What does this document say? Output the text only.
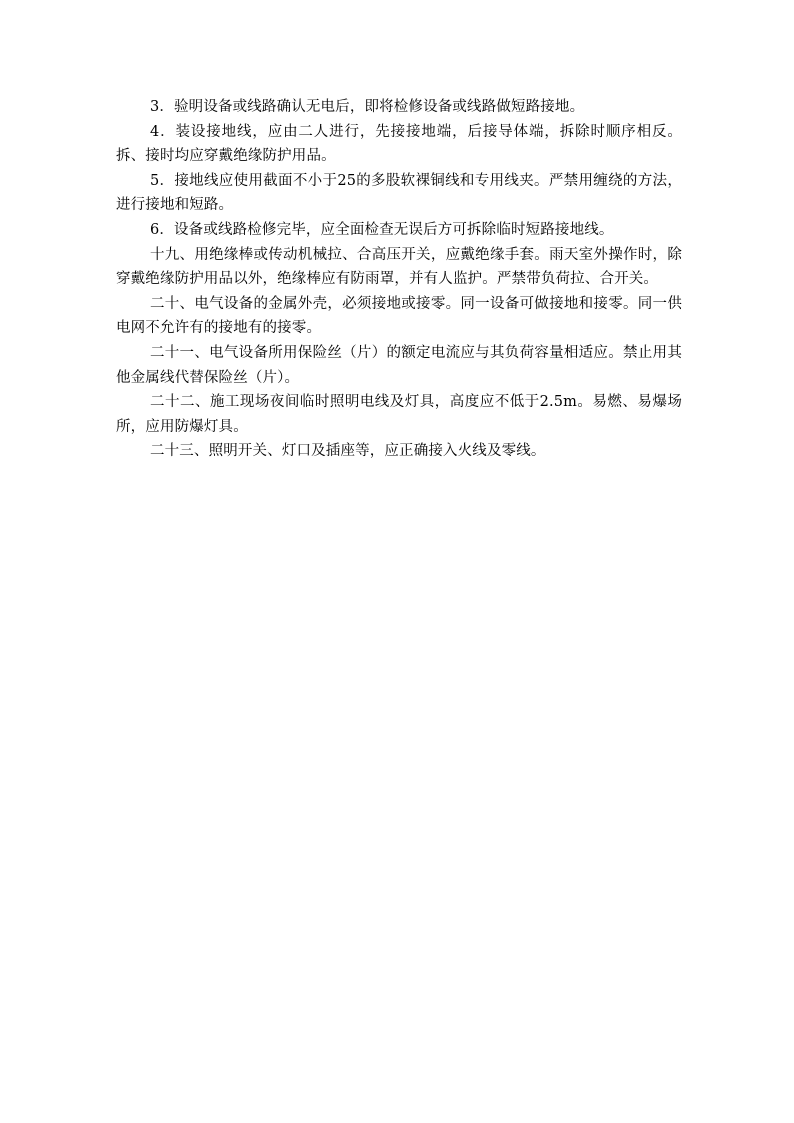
3．验明设备或线路确认无电后，即将检修设备或线路做短路接地。

4．装设接地线，应由二人进行，先接接地端，后接导体端，拆除时顺序相反。拆、接时均应穿戴绝缘防护用品。

5．接地线应使用截面不小于25的多股软裸铜线和专用线夹。严禁用缠绕的方法，进行接地和短路。

6．设备或线路检修完毕，应全面检查无误后方可拆除临时短路接地线。

十九、用绝缘棒或传动机械拉、合高压开关，应戴绝缘手套。雨天室外操作时，除穿戴绝缘防护用品以外，绝缘棒应有防雨罩，并有人监护。严禁带负荷拉、合开关。

二十、电气设备的金属外壳，必须接地或接零。同一设备可做接地和接零。同一供电网不允许有的接地有的接零。

二十一、电气设备所用保险丝（片）的额定电流应与其负荷容量相适应。禁止用其他金属线代替保险丝（片）。

二十二、施工现场夜间临时照明电线及灯具，高度应不低于2.5m。易燃、易爆场所，应用防爆灯具。

二十三、照明开关、灯口及插座等，应正确接入火线及零线。
